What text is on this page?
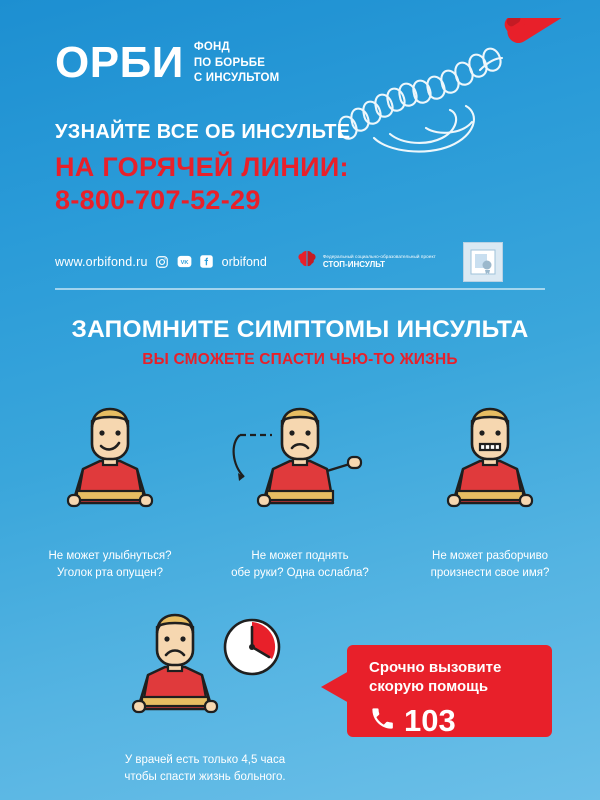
ОРБИ ФОНД
ПО БОРЬБЕ
С ИНСУЛЬТОМ
УЗНАЙТЕ ВСЕ ОБ ИНСУЛЬТЕ
НА ГОРЯЧЕЙ ЛИНИИ:
8-800-707-52-29
www.orbifond.ru	VK	orbifond	Федеральный социально-образовательный проект
СТОП-ИНСУЛЬТ
ЗАПОМНИТЕ СИМПТОМЫ ИНСУЛЬТА
ВЫ СМОЖЕТЕ СПАСТИ ЧЬЮ-ТО ЖИЗНЬ
Не может улыбнуться?
Уголок рта опущен?
Не может поднять
обе руки? Одна ослабла?
Не может разборчиво
произнести свое имя?
У врачей есть только 4,5 часа
чтобы спасти жизнь больного.
Срочно вызовите
скорую помощь
103
